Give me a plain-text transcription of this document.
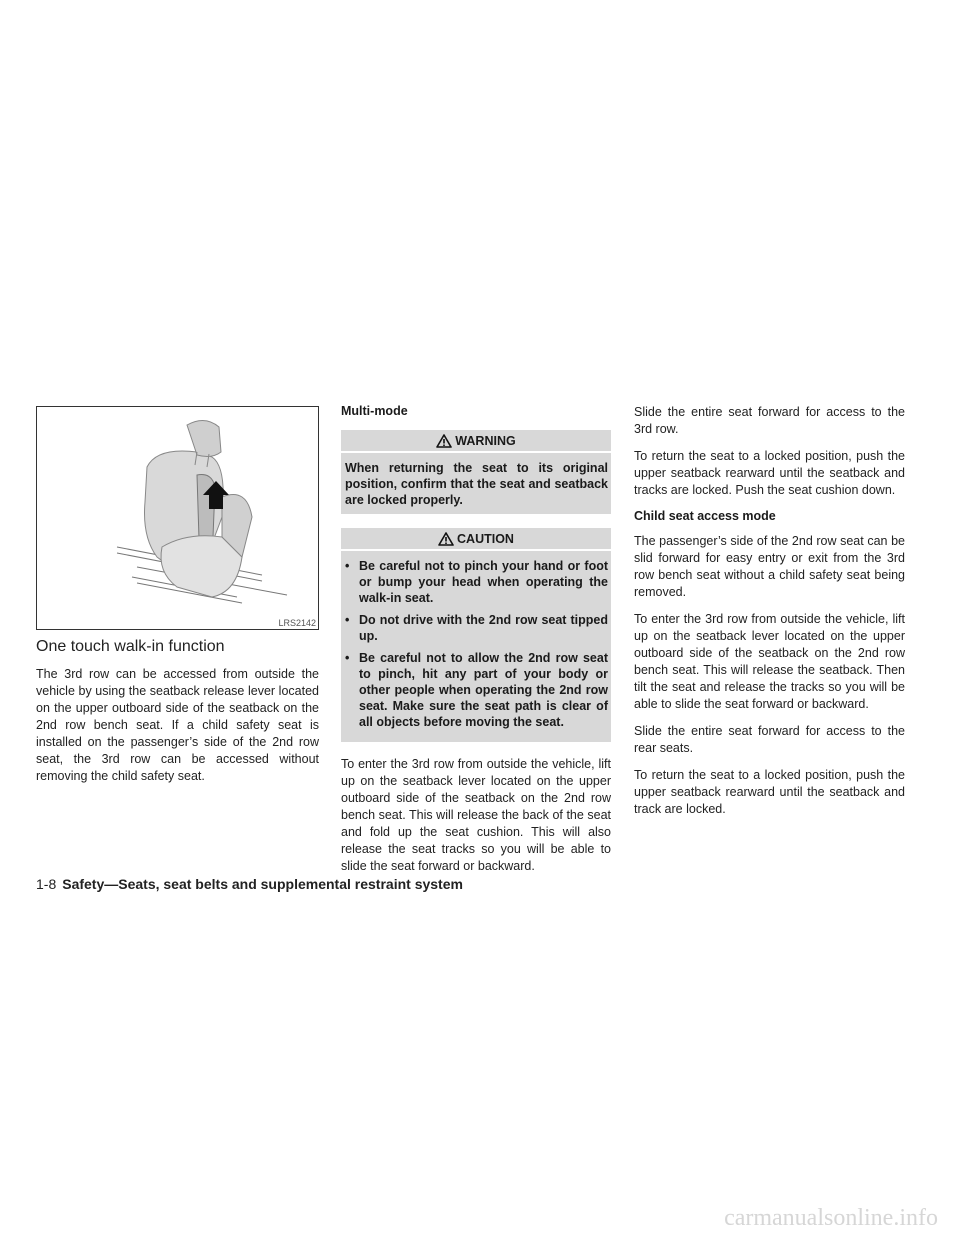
LRS2142
One touch walk-in function

The 3rd row can be accessed from outside the vehicle by using the seatback release lever located on the upper outboard side of the seatback on the 2nd row bench seat. If a child safety seat is installed on the passenger’s side of the 2nd row seat, the 3rd row can be accessed without removing the child safety seat.

Multi-mode
WARNING
When returning the seat to its original position, confirm that the seat and seatback are locked properly.
CAUTION
• Be careful not to pinch your hand or foot or bump your head when operating the walk-in seat.
• Do not drive with the 2nd row seat tipped up.
• Be careful not to allow the 2nd row seat to pinch, hit any part of your body or other people when operating the 2nd row seat. Make sure the seat path is clear of all objects before moving the seat.

To enter the 3rd row from outside the vehicle, lift up on the seatback lever located on the upper outboard side of the seatback on the 2nd row bench seat. This will release the back of the seat and fold up the seat cushion. This will also release the seat tracks so you will be able to slide the seat forward or backward.

Slide the entire seat forward for access to the 3rd row.

To return the seat to a locked position, push the upper seatback rearward until the seatback and tracks are locked. Push the seat cushion down.

Child seat access mode

The passenger’s side of the 2nd row seat can be slid forward for easy entry or exit from the 3rd row bench seat without a child safety seat being removed.

To enter the 3rd row from outside the vehicle, lift up on the seatback lever located on the upper outboard side of the seatback on the 2nd row bench seat. This will release the seatback. Then tilt the seat and release the tracks so you will be able to slide the seat forward or backward.

Slide the entire seat forward for access to the rear seats.

To return the seat to a locked position, push the upper seatback rearward until the seatback and track are locked.

1-8 Safety—Seats, seat belts and supplemental restraint system
carmanualsonline.info
